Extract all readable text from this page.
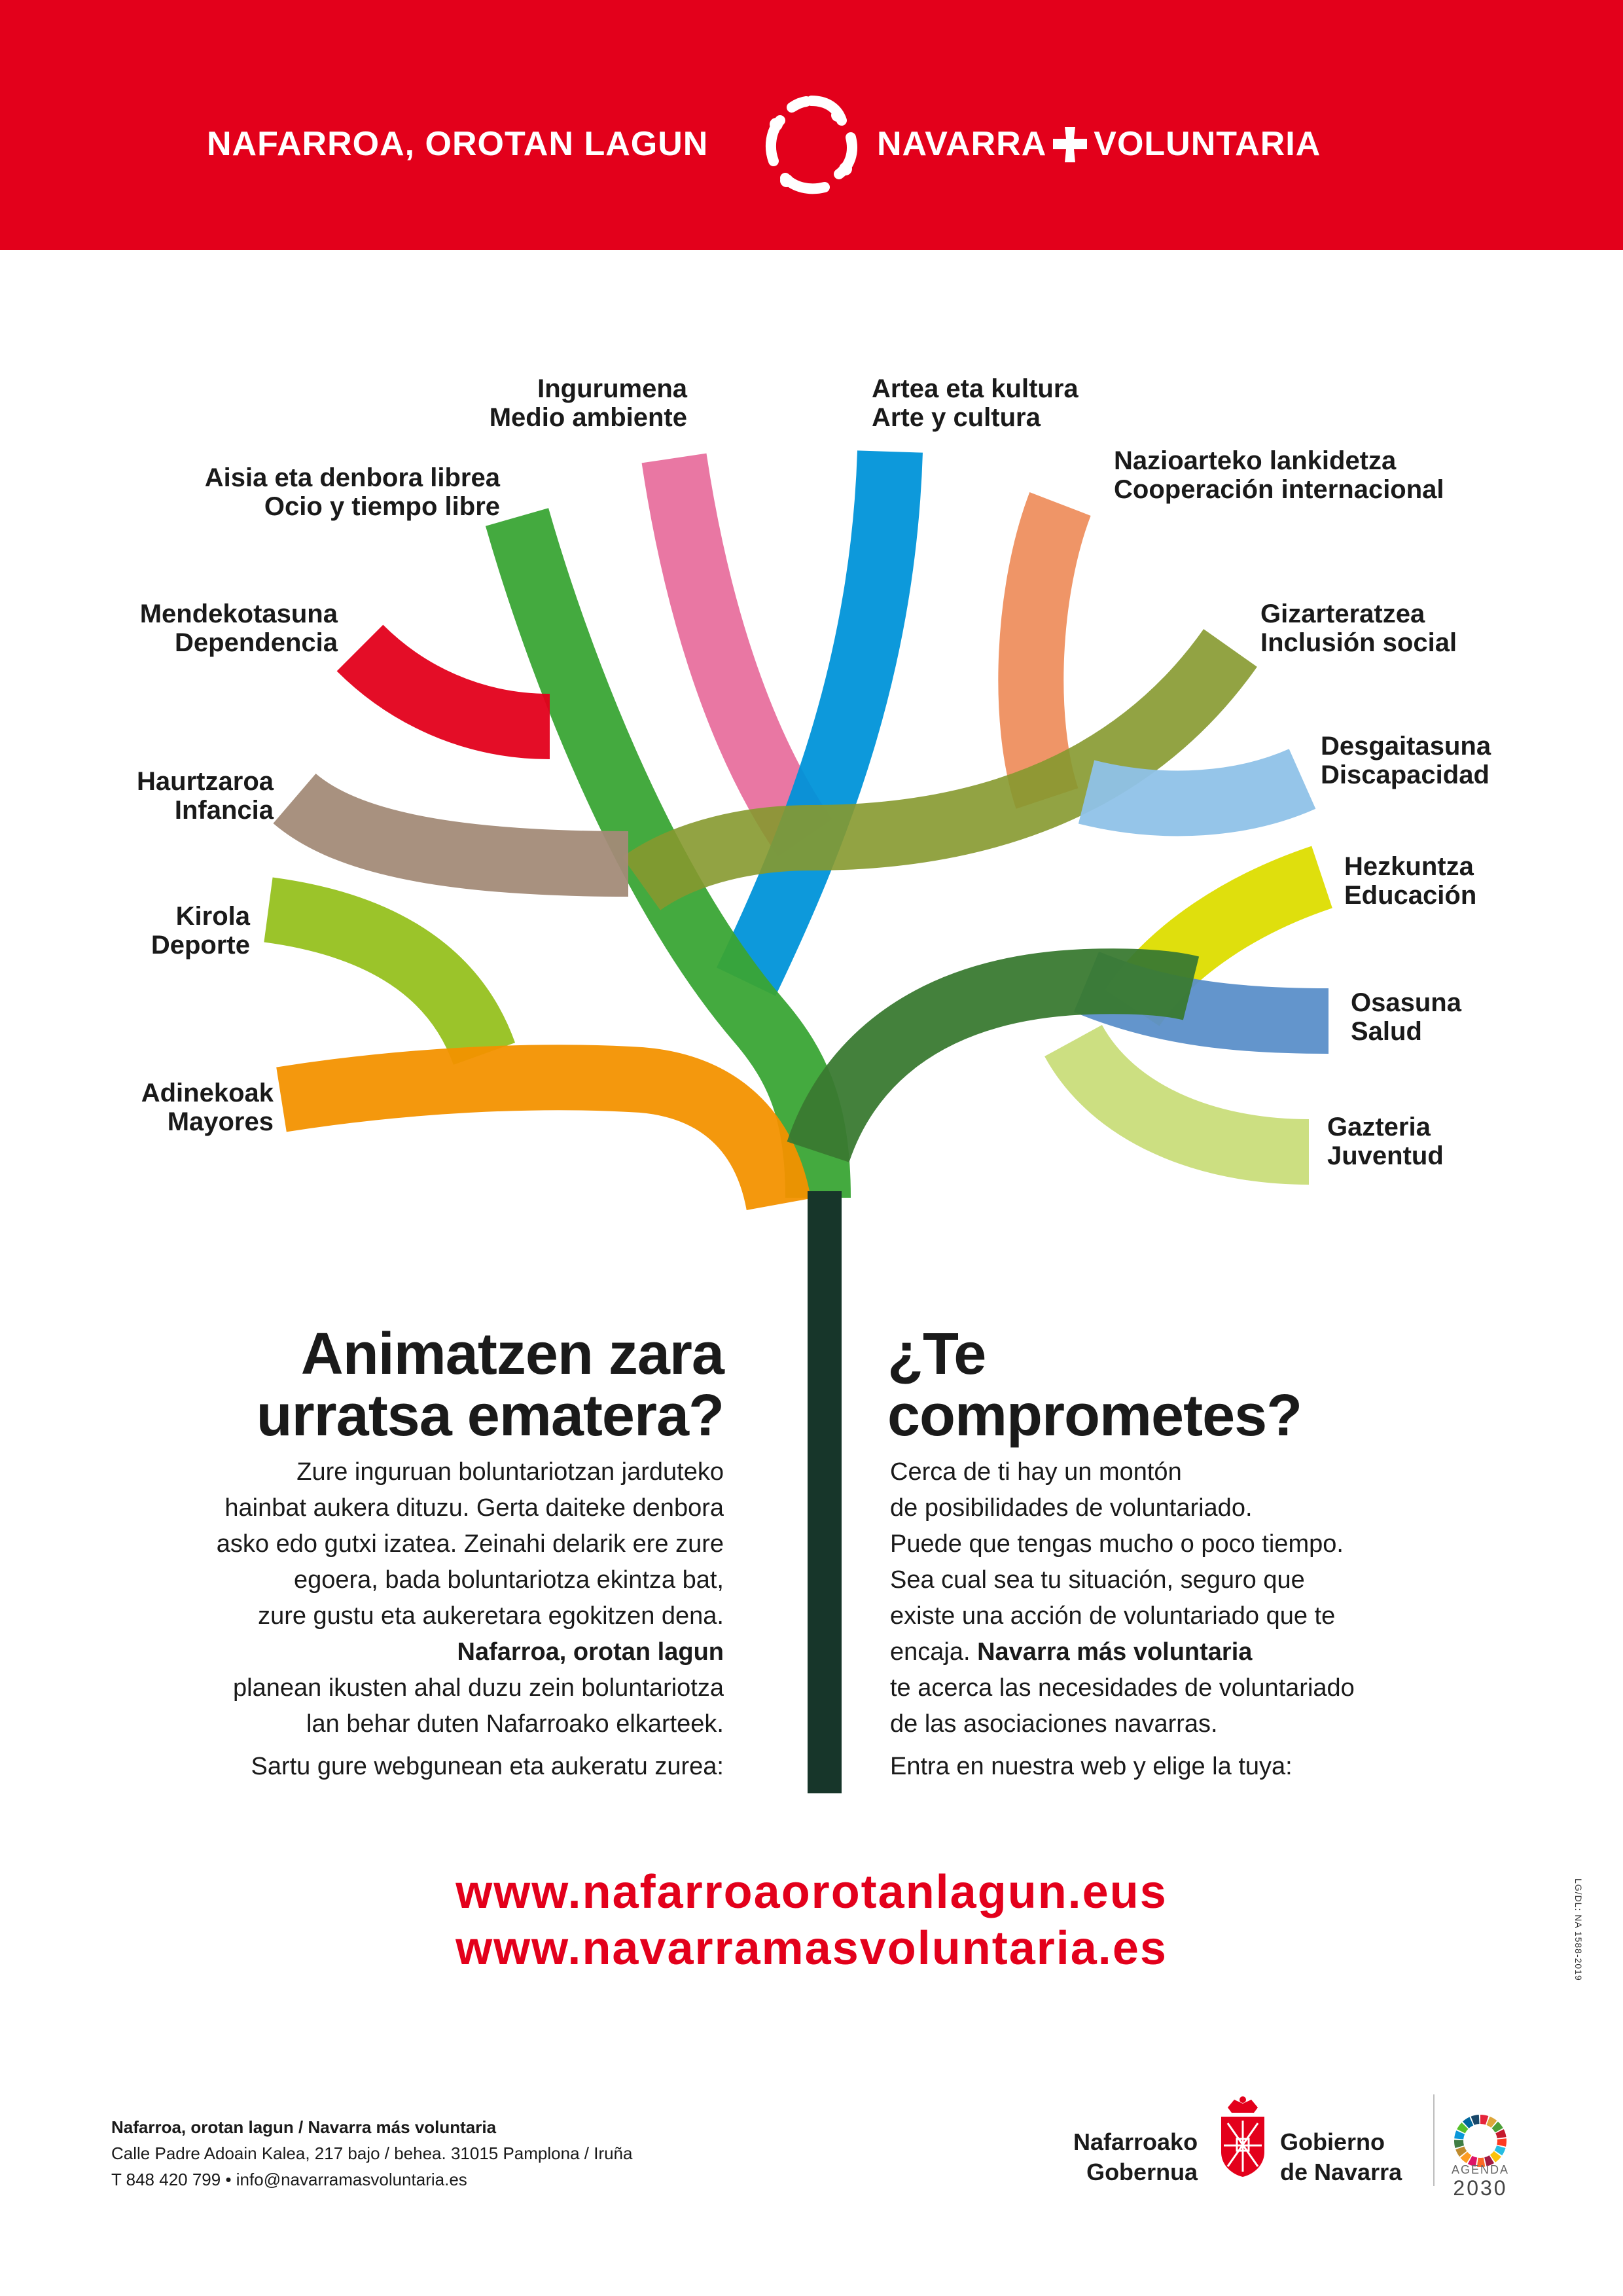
NAFARROA, OROTAN LAGUN	NAVARRA VOLUNTARIA
Ingurumena
Medio ambiente
Artea eta kultura
Arte y cultura
Aisia eta denbora librea
Ocio y tiempo libre
Nazioarteko lankidetza
Cooperación internacional
Mendekotasuna
Dependencia
Gizarteratzea
Inclusión social
Desgaitasuna
Discapacidad
Haurtzaroa
Infancia
Hezkuntza
Educación
Kirola
Deporte
Osasuna
Salud
Adinekoak
Mayores	Gazteria
Juventud
Animatzen zara
urratsa ematera?
Zure inguruan boluntariotzan jarduteko
hainbat aukera dituzu. Gerta daiteke denbora
asko edo gutxi izatea. Zeinahi delarik ere zure
egoera, bada boluntariotza ekintza bat,
zure gustu eta aukeretara egokitzen dena.
Nafarroa, orotan lagun
planean ikusten ahal duzu zein boluntariotza
lan behar duten Nafarroako elkarteek.
Sartu gure webgunean eta aukeratu zurea:
¿Te
comprometes?
Cerca de ti hay un montón
de posibilidades de voluntariado.
Puede que tengas mucho o poco tiempo.
Sea cual sea tu situación, seguro que
existe una acción de voluntariado que te
encaja. Navarra más voluntaria
te acerca las necesidades de voluntariado
de las asociaciones navarras.
Entra en nuestra web y elige la tuya:
www.nafarroaorotanlagun.eus
www.navarramasvoluntaria.es	LG/DL: NA 1588-2019
Nafarroa, orotan lagun / Navarra más voluntaria
Calle Padre Adoain Kalea, 217 bajo / behea. 31015 Pamplona / Iruña
T 848 420 799 • info@navarramasvoluntaria.es
Nafarroako
Gobernua
Gobierno
de Navarra	AGENDA
2030
